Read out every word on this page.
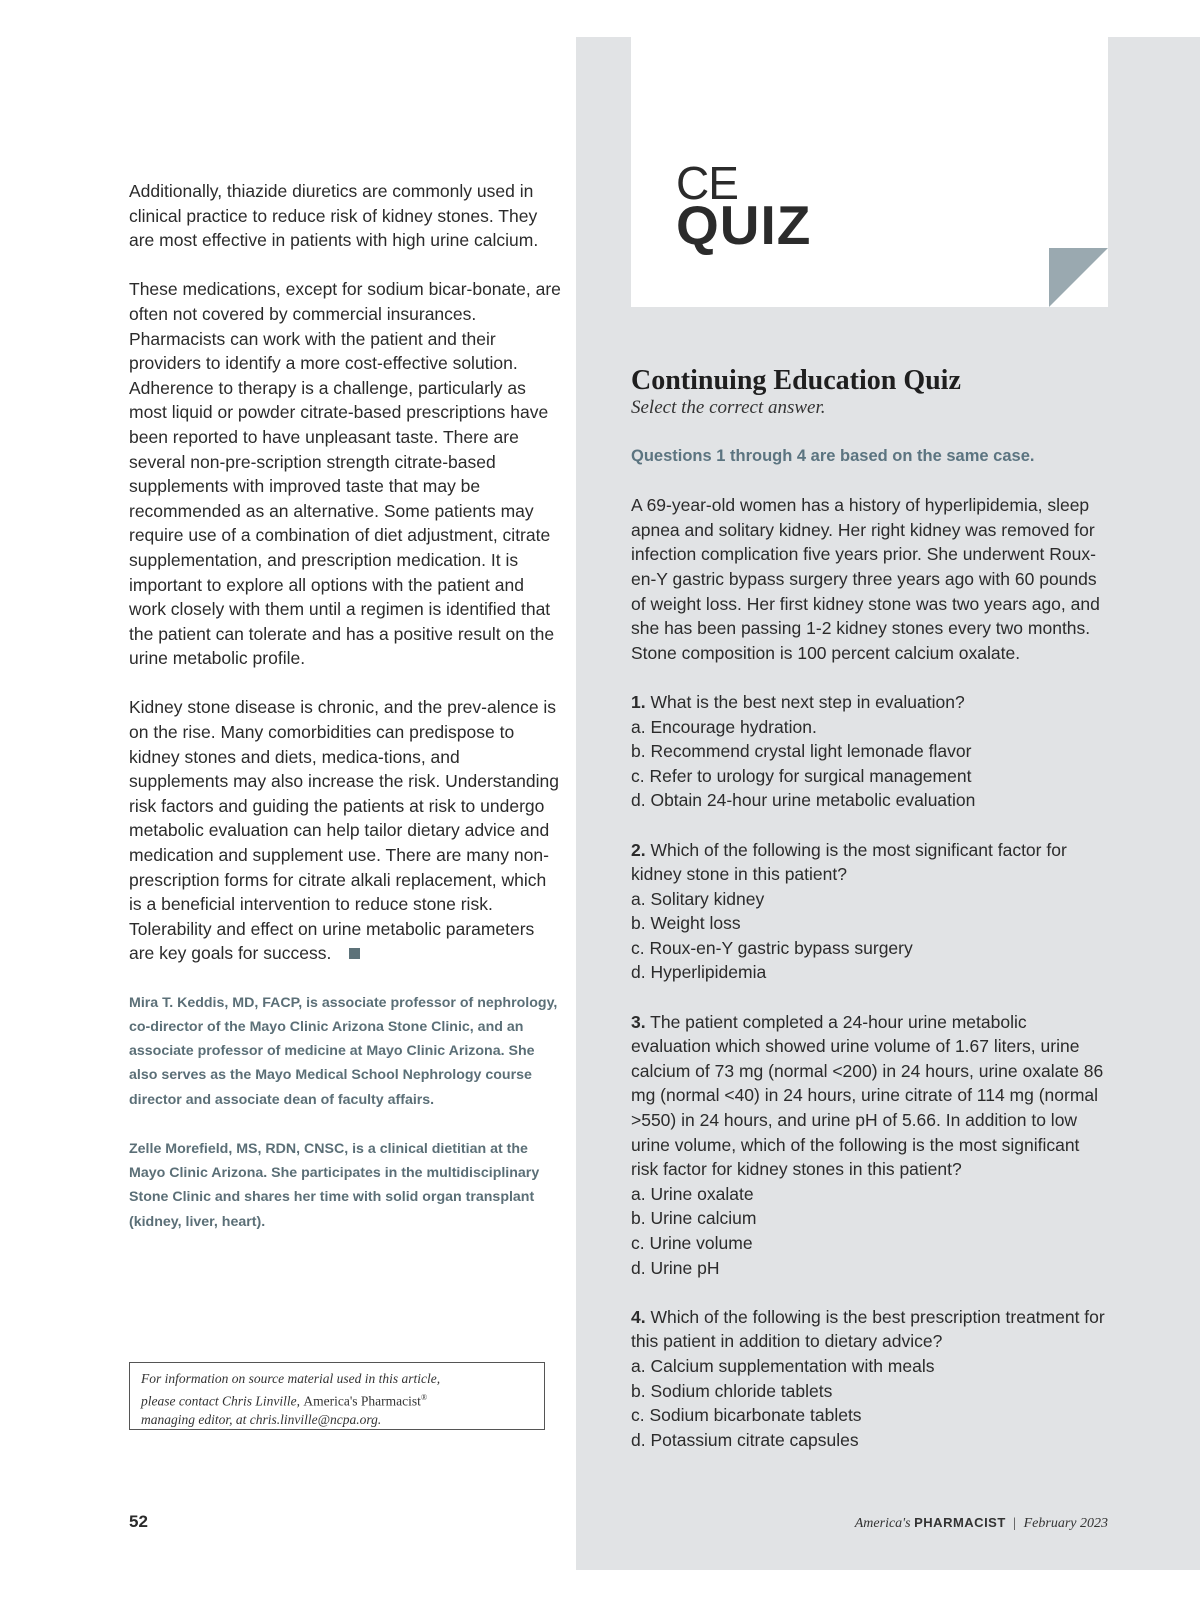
CE
QUIZ

Additionally, thiazide diuretics are commonly used in clinical practice to reduce risk of kidney stones. They are most effective in patients with high urine calcium.

These medications, except for sodium bicar-bonate, are often not covered by commercial insurances. Pharmacists can work with the patient and their providers to identify a more cost-effective solution. Adherence to therapy is a challenge, particularly as most liquid or powder citrate-based prescriptions have been reported to have unpleasant taste. There are several non-pre-scription strength citrate-based supplements with improved taste that may be recommended as an alternative. Some patients may require use of a combination of diet adjustment, citrate supplementation, and prescription medication. It is important to explore all options with the patient and work closely with them until a regimen is identified that the patient can tolerate and has a positive result on the urine metabolic profile.

Kidney stone disease is chronic, and the prev-alence is on the rise. Many comorbidities can predispose to kidney stones and diets, medica-tions, and supplements may also increase the risk. Understanding risk factors and guiding the patients at risk to undergo metabolic evaluation can help tailor dietary advice and medication and supplement use. There are many non-prescription forms for citrate alkali replacement, which is a beneficial intervention to reduce stone risk. Tolerability and effect on urine metabolic parameters are key goals for success.

Mira T. Keddis, MD, FACP, is associate professor of nephrology, co-director of the Mayo Clinic Arizona Stone Clinic, and an associate professor of medicine at Mayo Clinic Arizona. She also serves as the Mayo Medical School Nephrology course director and associate dean of faculty affairs.

Zelle Morefield, MS, RDN, CNSC, is a clinical dietitian at the Mayo Clinic Arizona. She participates in the multidisciplinary Stone Clinic and shares her time with solid organ transplant (kidney, liver, heart).

For information on source material used in this article,
please contact Chris Linville, America's Pharmacist®
managing editor, at chris.linville@ncpa.org.
Continuing Education Quiz

Select the correct answer.

Questions 1 through 4 are based on the same case.

A 69-year-old women has a history of hyperlipidemia, sleep apnea and solitary kidney. Her right kidney was removed for infection complication five years prior. She underwent Roux-en-Y gastric bypass surgery three years ago with 60 pounds of weight loss. Her first kidney stone was two years ago, and she has been passing 1-2 kidney stones every two months. Stone composition is 100 percent calcium oxalate.

1. What is the best next step in evaluation?
a. Encourage hydration.
b. Recommend crystal light lemonade flavor
c. Refer to urology for surgical management
d. Obtain 24-hour urine metabolic evaluation
2. Which of the following is the most significant factor for kidney stone in this patient?
a. Solitary kidney
b. Weight loss
c. Roux-en-Y gastric bypass surgery
d. Hyperlipidemia
3. The patient completed a 24-hour urine metabolic evaluation which showed urine volume of 1.67 liters, urine calcium of 73 mg (normal <200) in 24 hours, urine oxalate 86 mg (normal <40) in 24 hours, urine citrate of 114 mg (normal >550) in 24 hours, and urine pH of 5.66. In addition to low urine volume, which of the following is the most significant risk factor for kidney stones in this patient?
a. Urine oxalate
b. Urine calcium
c. Urine volume
d. Urine pH
4. Which of the following is the best prescription treatment for this patient in addition to dietary advice?
a. Calcium supplementation with meals
b. Sodium chloride tablets
c. Sodium bicarbonate tablets
d. Potassium citrate capsules
52	America's PHARMACIST | February 2023
